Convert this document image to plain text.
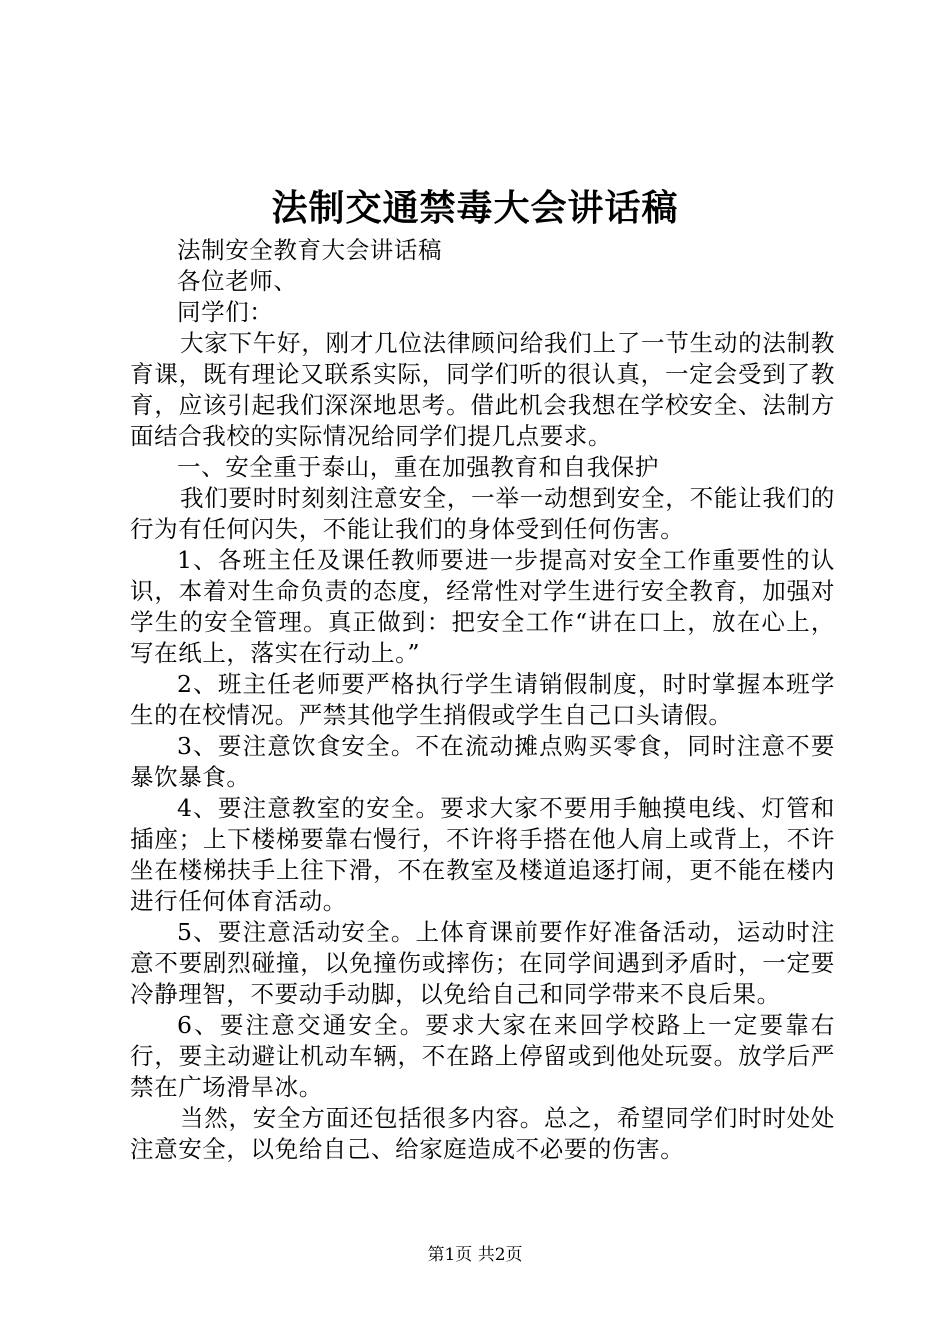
法制交通禁毒大会讲话稿

法制安全教育大会讲话稿

各位老师、

同学们：

大家下午好，刚才几位法律顾问给我们上了一节生动的法制教育课，既有理论又联系实际，同学们听的很认真，一定会受到了教育，应该引起我们深深地思考。借此机会我想在学校安全、法制方面结合我校的实际情况给同学们提几点要求。

一、安全重于泰山，重在加强教育和自我保护

我们要时时刻刻注意安全，一举一动想到安全，不能让我们的行为有任何闪失，不能让我们的身体受到任何伤害。

1、各班主任及课任教师要进一步提高对安全工作重要性的认识，本着对生命负责的态度，经常性对学生进行安全教育，加强对学生的安全管理。真正做到：把安全工作“讲在口上，放在心上，写在纸上，落实在行动上。”

2、班主任老师要严格执行学生请销假制度，时时掌握本班学生的在校情况。严禁其他学生捎假或学生自己口头请假。

3、要注意饮食安全。不在流动摊点购买零食，同时注意不要暴饮暴食。

4、要注意教室的安全。要求大家不要用手触摸电线、灯管和插座；上下楼梯要靠右慢行，不许将手搭在他人肩上或背上，不许坐在楼梯扶手上往下滑，不在教室及楼道追逐打闹，更不能在楼内进行任何体育活动。

5、要注意活动安全。上体育课前要作好准备活动，运动时注意不要剧烈碰撞，以免撞伤或摔伤；在同学间遇到矛盾时，一定要冷静理智，不要动手动脚，以免给自己和同学带来不良后果。

6、要注意交通安全。要求大家在来回学校路上一定要靠右行，要主动避让机动车辆，不在路上停留或到他处玩耍。放学后严禁在广场滑旱冰。

当然，安全方面还包括很多内容。总之，希望同学们时时处处注意安全，以免给自己、给家庭造成不必要的伤害。

第1页 共2页
